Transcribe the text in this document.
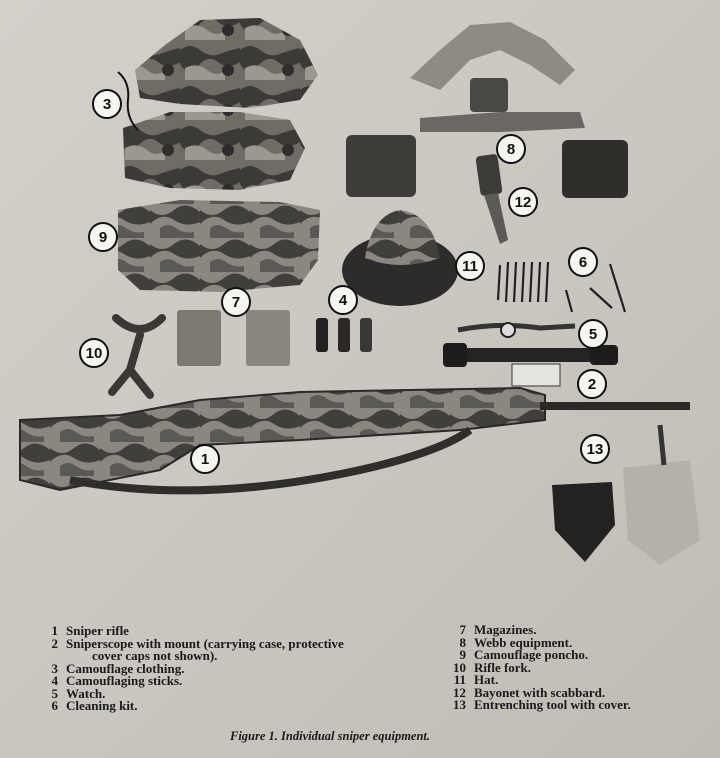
3
8
12
9
11	6
7	4
5
10
2
13
1
1 Sniper rifle
2 Sniperscope with mount (carrying case, protective
cover caps not shown).
3 Camouflage clothing.
4 Camouflaging sticks.
5 Watch.
6 Cleaning kit.
7 Magazines.
8 Webb equipment.
9 Camouflage poncho.
10 Rifle fork.
11 Hat.
12 Bayonet with scabbard.
13 Entrenching tool with cover.
Figure 1. Individual sniper equipment.
